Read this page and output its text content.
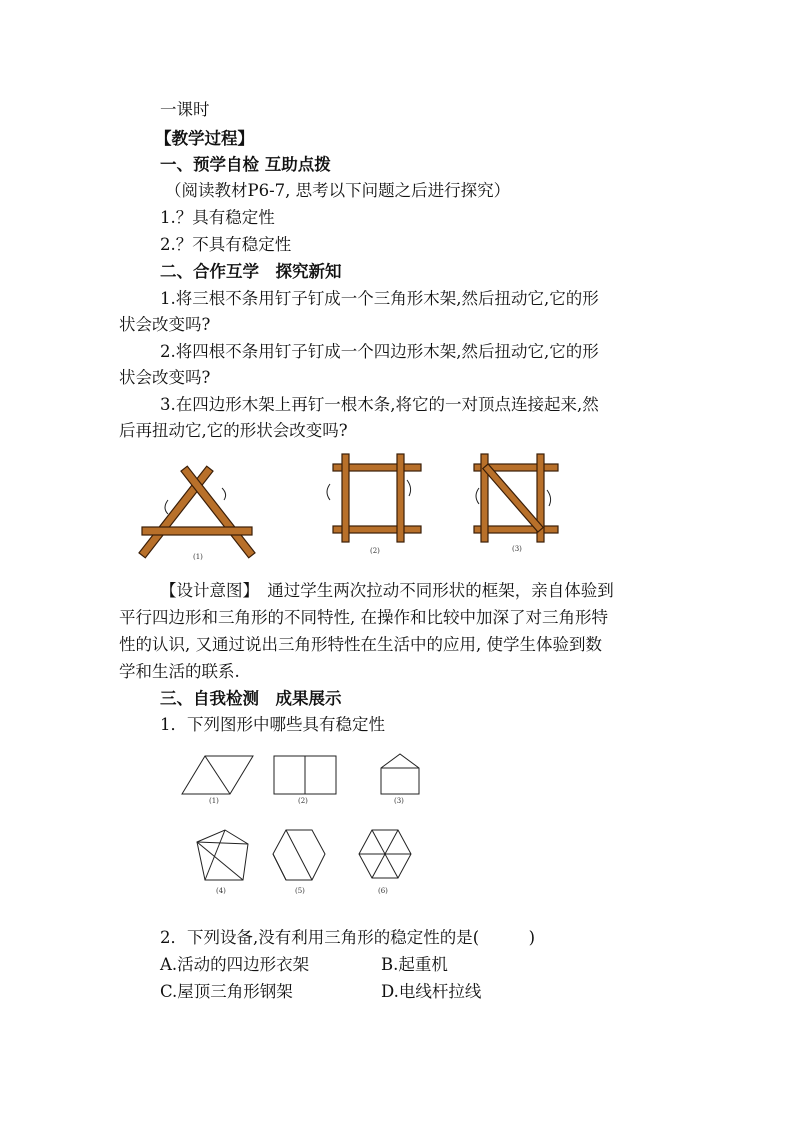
一课时
【教学过程】
一、预学自检 互助点拨
（阅读教材P6-7, 思考以下问题之后进行探究）
1.？具有稳定性
2.？不具有稳定性
二、合作互学　探究新知
1.将三根不条用钉子钉成一个三角形木架,然后扭动它,它的形
状会改变吗?
2.将四根不条用钉子钉成一个四边形木架,然后扭动它,它的形
状会改变吗?
3.在四边形木架上再钉一根木条,将它的一对顶点连接起来,然
后再扭动它,它的形状会改变吗?
(1)
(2)	(3)
【设计意图】　通过学生两次拉动不同形状的框架，亲自体验到
平行四边形和三角形的不同特性, 在操作和比较中加深了对三角形特
性的认识, 又通过说出三角形特性在生活中的应用, 使学生体验到数
学和生活的联系.
三、自我检测　成果展示
1．下列图形中哪些具有稳定性
(1)	(2)	(3)
(4)	(5)	(6)
2．下列设备,没有利用三角形的稳定性的是(　　　)
A.活动的四边形衣架	B.起重机
C.屋顶三角形钢架	D.电线杆拉线
